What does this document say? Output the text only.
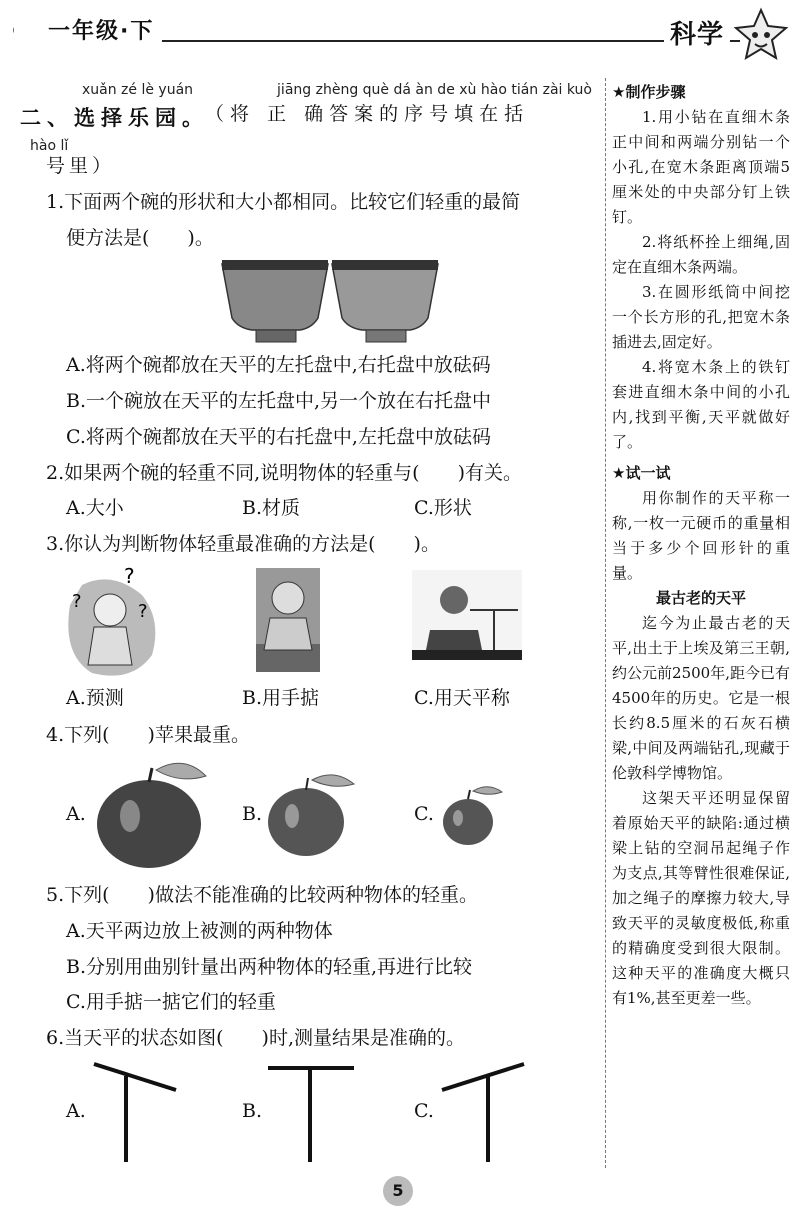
一年级·下	科学
xuǎn zé lè yuán	jiāng zhèng què dá àn de xù hào tián zài kuò
二、选择乐园。
（将 正 确答案的序号填在括
hào lǐ
号里）
1.下面两个碗的形状和大小都相同。比较它们轻重的最简
便方法是(　　)。
A.将两个碗都放在天平的左托盘中,右托盘中放砝码
B.一个碗放在天平的左托盘中,另一个放在右托盘中
C.将两个碗都放在天平的右托盘中,左托盘中放砝码
2.如果两个碗的轻重不同,说明物体的轻重与(　　)有关。
A.大小	B.材质	C.形状
3.你认为判断物体轻重最准确的方法是(　　)。
?
?	?
A.预测	B.用手掂	C.用天平称
4.下列(　　)苹果最重。
A.	B.	C.
5.下列(　　)做法不能准确的比较两种物体的轻重。
A.天平两边放上被测的两种物体
B.分别用曲别针量出两种物体的轻重,再进行比较
C.用手掂一掂它们的轻重
6.当天平的状态如图(　　)时,测量结果是准确的。
A.	B.	C.
★制作步骤

1.用小钻在直细木条正中间和两端分别钻一个小孔,在宽木条距离顶端5厘米处的中央部分钉上铁钉。

2.将纸杯拴上细绳,固定在直细木条两端。

3.在圆形纸筒中间挖一个长方形的孔,把宽木条插进去,固定好。

4.将宽木条上的铁钉套进直细木条中间的小孔内,找到平衡,天平就做好了。

★试一试

用你制作的天平称一称,一枚一元硬币的重量相当于多少个回形针的重量。

最古老的天平

迄今为止最古老的天平,出土于上埃及第三王朝,约公元前2500年,距今已有4500年的历史。它是一根长约8.5厘米的石灰石横梁,中间及两端钻孔,现藏于伦敦科学博物馆。

这架天平还明显保留着原始天平的缺陷:通过横梁上钻的空洞吊起绳子作为支点,其等臂性很难保证,加之绳子的摩擦力较大,导致天平的灵敏度极低,称重的精确度受到很大限制。这种天平的准确度大概只有1%,甚至更差一些。

5
